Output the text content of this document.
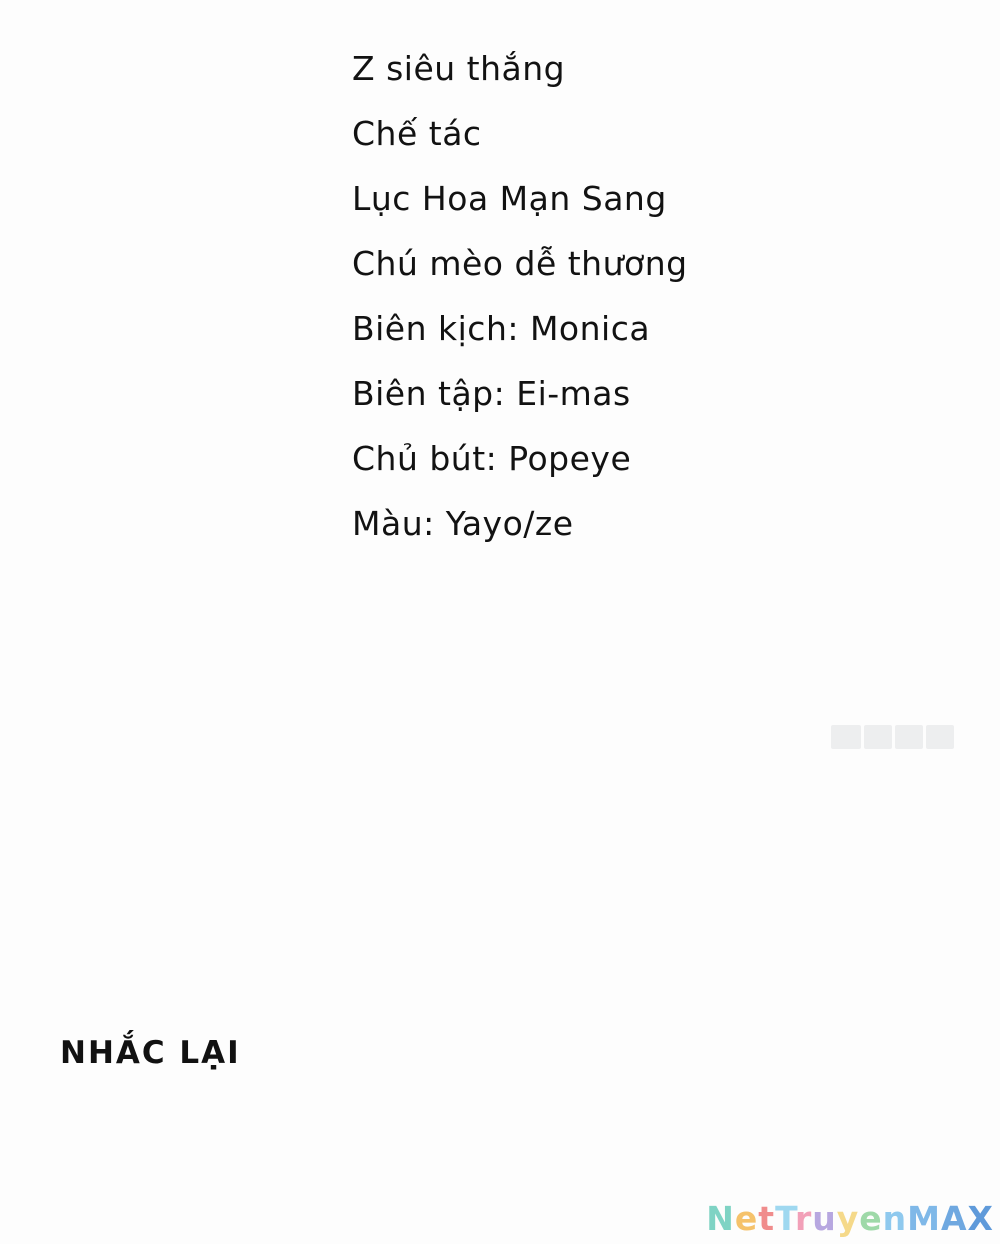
Z siêu thắng
Chế tác
Lục Hoa Mạn Sang
Chú mèo dễ thương
Biên kịch: Monica
Biên tập: Ei-mas
Chủ bút: Popeye
Màu: Yayo/ze
NHẮC LẠI
NetTruyenMAX
